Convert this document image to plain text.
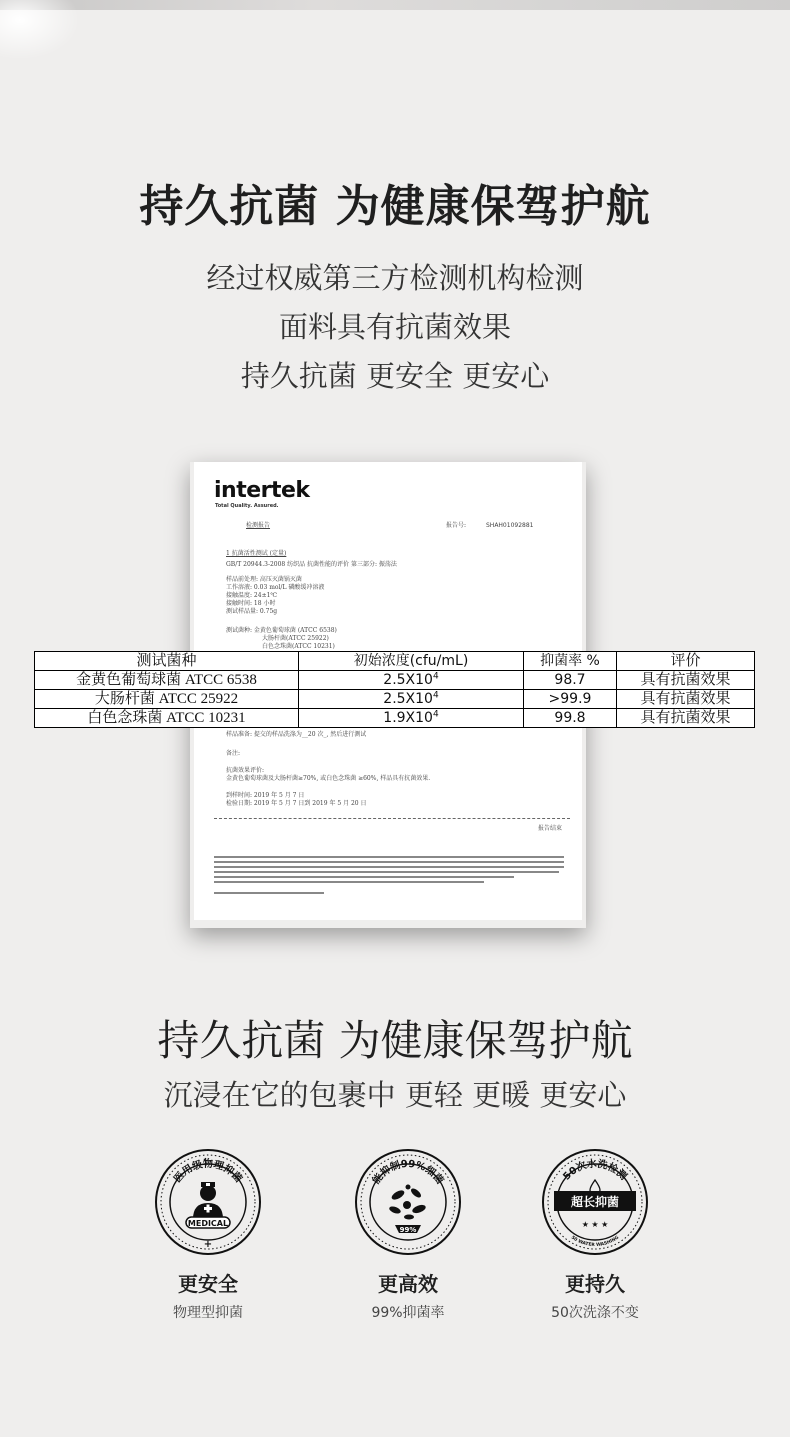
持久抗菌 为健康保驾护航
经过权威第三方检测机构检测
面料具有抗菌效果
持久抗菌 更安全 更安心
intertek
Total Quality. Assured.
检测报告	报告号:	SHAH01092881
1 抗菌活性测试 (定量)
GB/T 20944.3-2008 纺织品 抗菌性能的评价 第三部分: 振荡法
样品前处理: 高压灭菌锅灭菌
工作溶液: 0.03 mol/L 磷酸缓冲溶液
接触温度: 24±1℃
接触时间: 18 小时
测试样品量: 0.75g
测试菌种: 金黄色葡萄球菌 (ATCC 6538)
大肠杆菌(ATCC 25922)
白色念珠菌(ATCC 10231)
样品准备: 提交的样品洗涤为__20 次_, 然后进行测试
备注:
抗菌效果评价:
金黄色葡萄球菌及大肠杆菌≥70%, 或白色念珠菌 ≥60%, 样品具有抗菌效果.
到样时间: 2019 年 5 月 7 日
检验日期: 2019 年 5 月 7 日到 2019 年 5 月 20 日
报告结束
测试菌种	初始浓度(cfu/mL)	抑菌率 %	评价
金黄色葡萄球菌 ATCC 6538	$2.5X10^4$	98.7	具有抗菌效果
大肠杆菌 ATCC 25922	$2.5X10^4$	>99.9	具有抗菌效果
白色念珠菌 ATCC 10231	$1.9X10^4$	99.8	具有抗菌效果
持久抗菌 为健康保驾护航
沉浸在它的包裹中 更轻 更暖 更安心
医用级物理抑菌
MEDICAL
+
更安全
物理型抑菌
能抑制99%细菌
99%
更高效
99%抑菌率
50次水洗检测
50 WATER WASHING
超长抑菌
★ ★ ★
更持久
50次洗涤不变
